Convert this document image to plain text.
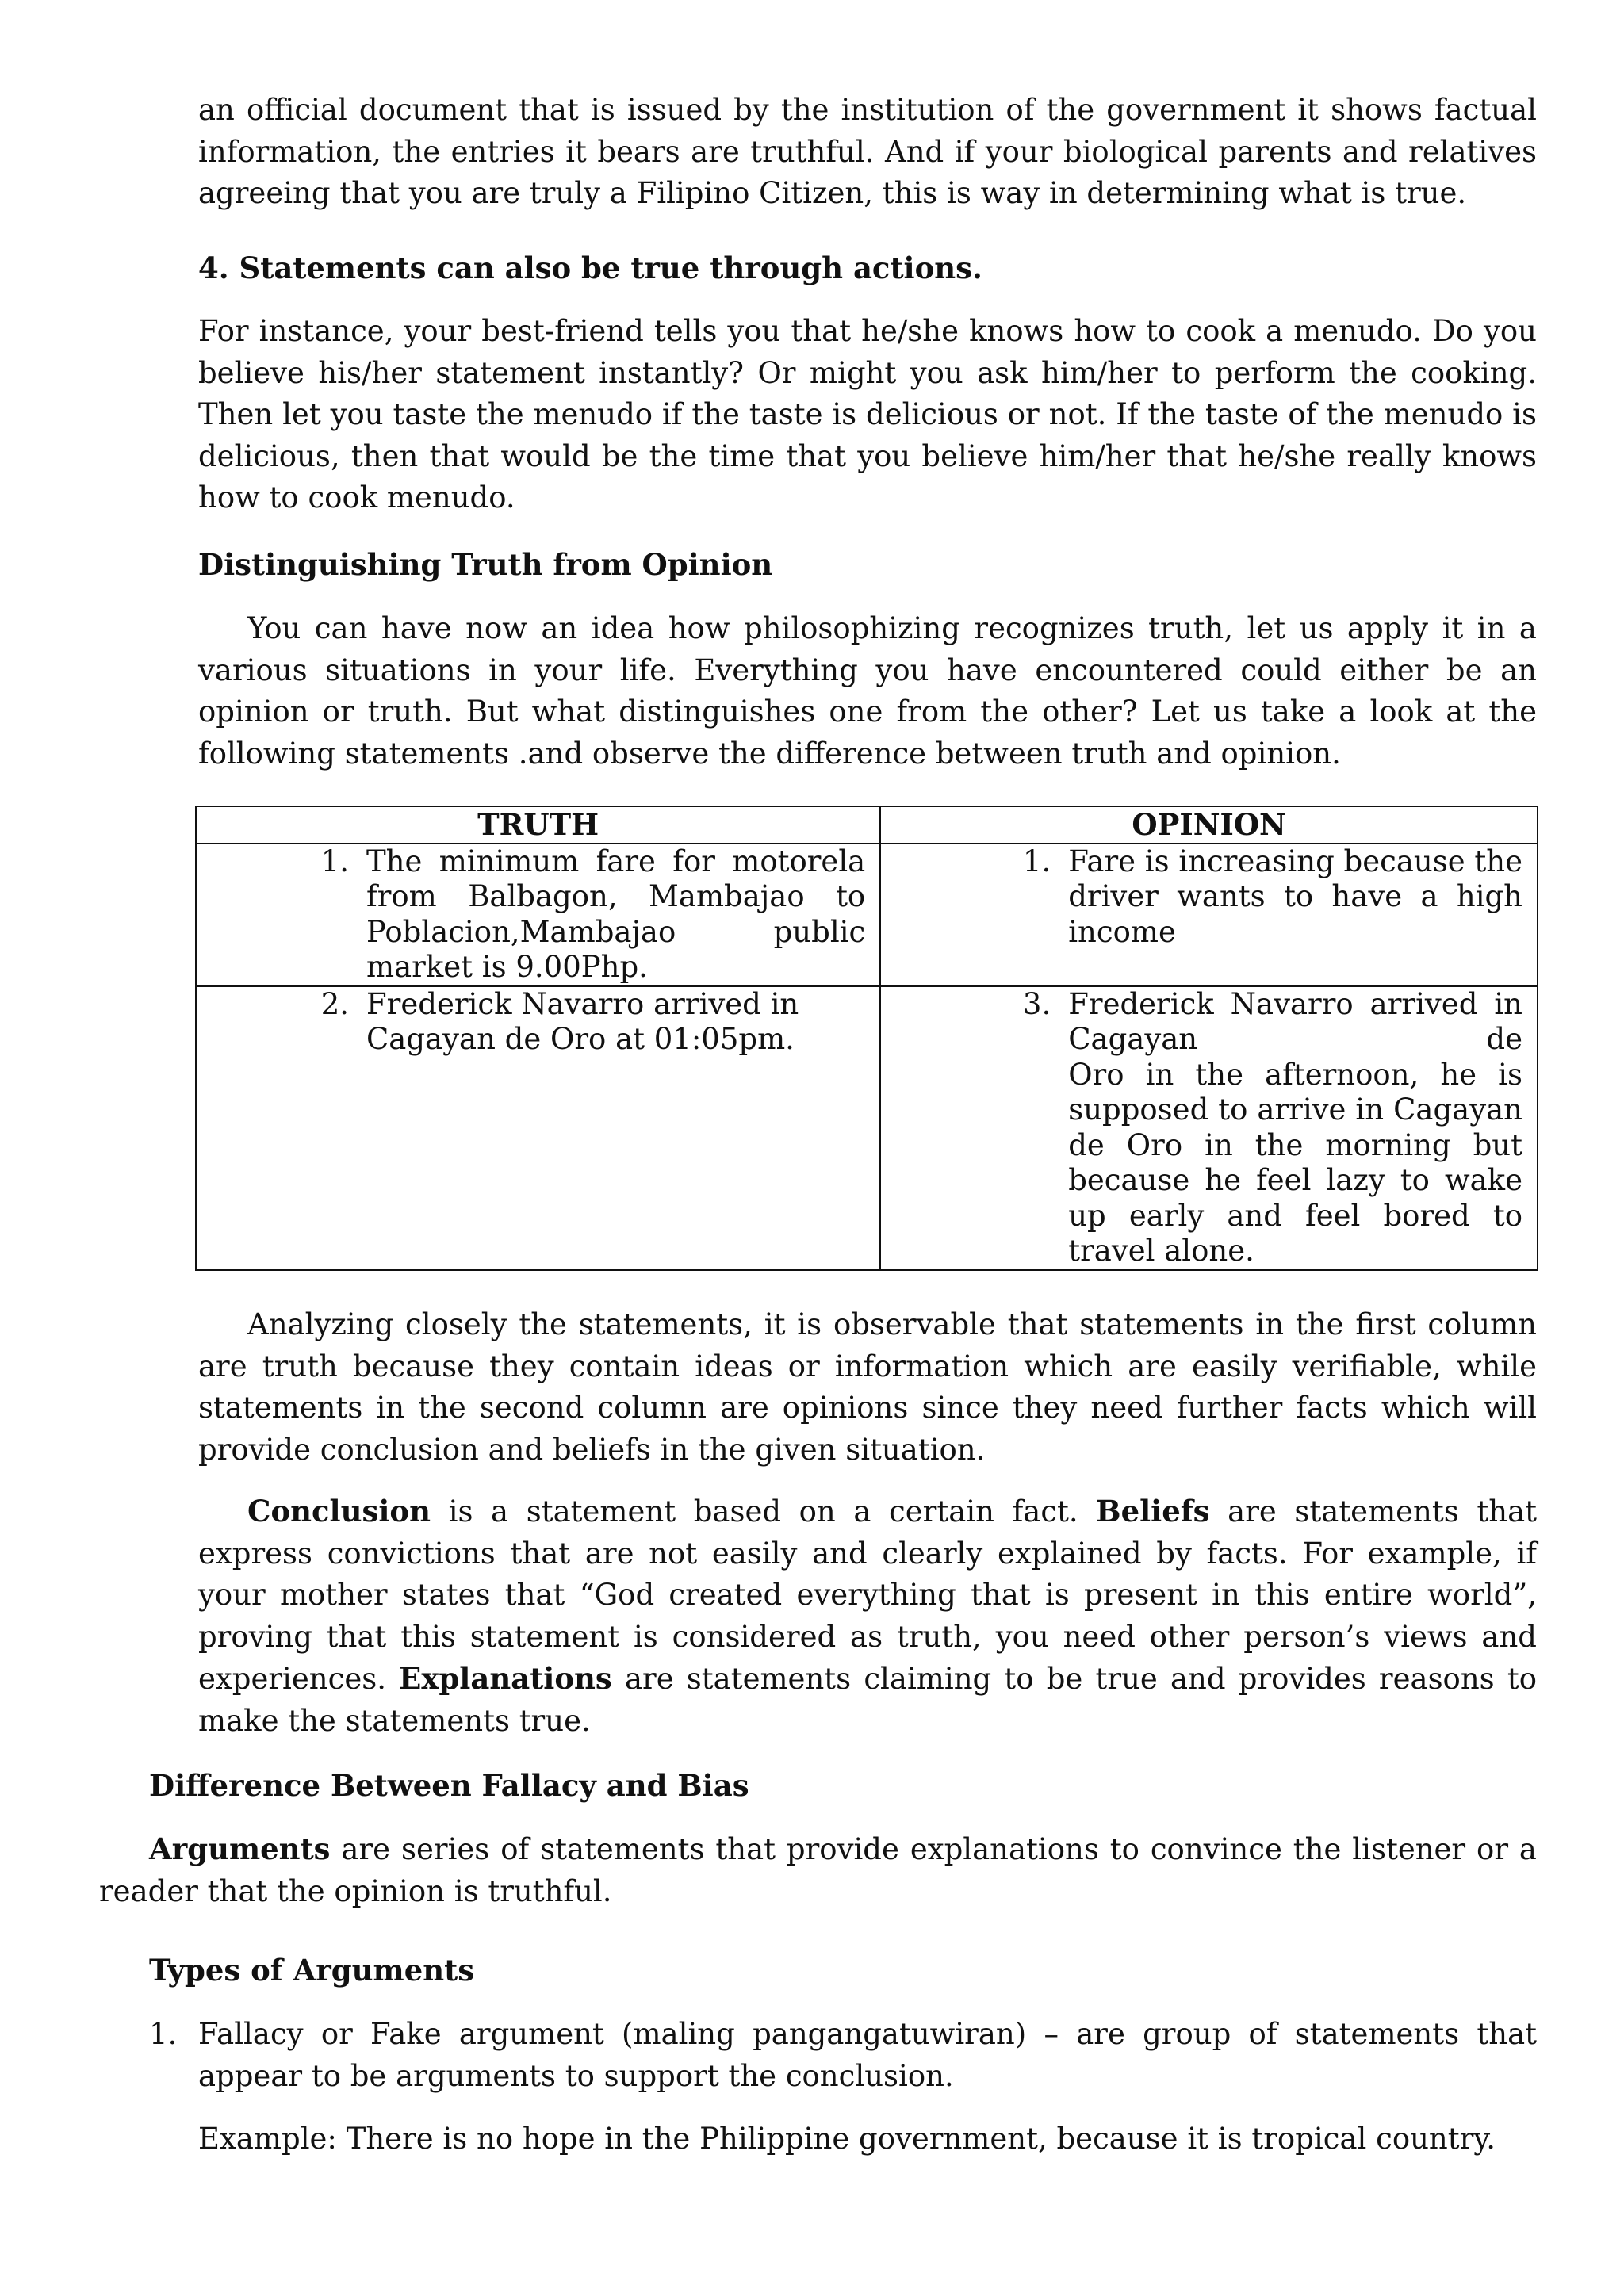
an official document that is issued by the institution of the government it shows factual information, the entries it bears are truthful. And if your biological parents and relatives agreeing that you are truly a Filipino Citizen, this is way in determining what is true.

4. Statements can also be true through actions.

For instance, your best-friend tells you that he/she knows how to cook a menudo. Do you believe his/her statement instantly? Or might you ask him/her to perform the cooking. Then let you taste the menudo if the taste is delicious or not. If the taste of the menudo is delicious, then that would be the time that you believe him/her that he/she really knows how to cook menudo.

Distinguishing Truth from Opinion

You can have now an idea how philosophizing recognizes truth, let us apply it in a various situations in your life. Everything you have encountered could either be an opinion or truth. But what distinguishes one from the other? Let us take a look at the following statements .and observe the difference between truth and opinion.

TRUTH	OPINION

1. The minimum fare for motorela from Balbagon, Mambajao to Poblacion,Mambajao public market is 9.00Php.	1. Fare is increasing because the driver wants to have a high income

2. Frederick Navarro arrived in Cagayan de Oro at 01:05pm.	3. Frederick Navarro arrived in Cagayan de
Oro in the afternoon, he is supposed to arrive in Cagayan de Oro in the morning but because he feel lazy to wake up early and feel bored to travel alone.

Analyzing closely the statements, it is observable that statements in the first column are truth because they contain ideas or information which are easily verifiable, while statements in the second column are opinions since they need further facts which will provide conclusion and beliefs in the given situation.

Conclusion is a statement based on a certain fact. Beliefs are statements that express convictions that are not easily and clearly explained by facts. For example, if your mother states that “God created everything that is present in this entire world”, proving that this statement is considered as truth, you need other person’s views and experiences. Explanations are statements claiming to be true and provides reasons to make the statements true.

Difference Between Fallacy and Bias

Arguments are series of statements that provide explanations to convince the listener or a reader that the opinion is truthful.

Types of Arguments

1. Fallacy or Fake argument (maling pangangatuwiran) – are group of statements that appear to be arguments to support the conclusion.

Example: There is no hope in the Philippine government, because it is tropical country.
